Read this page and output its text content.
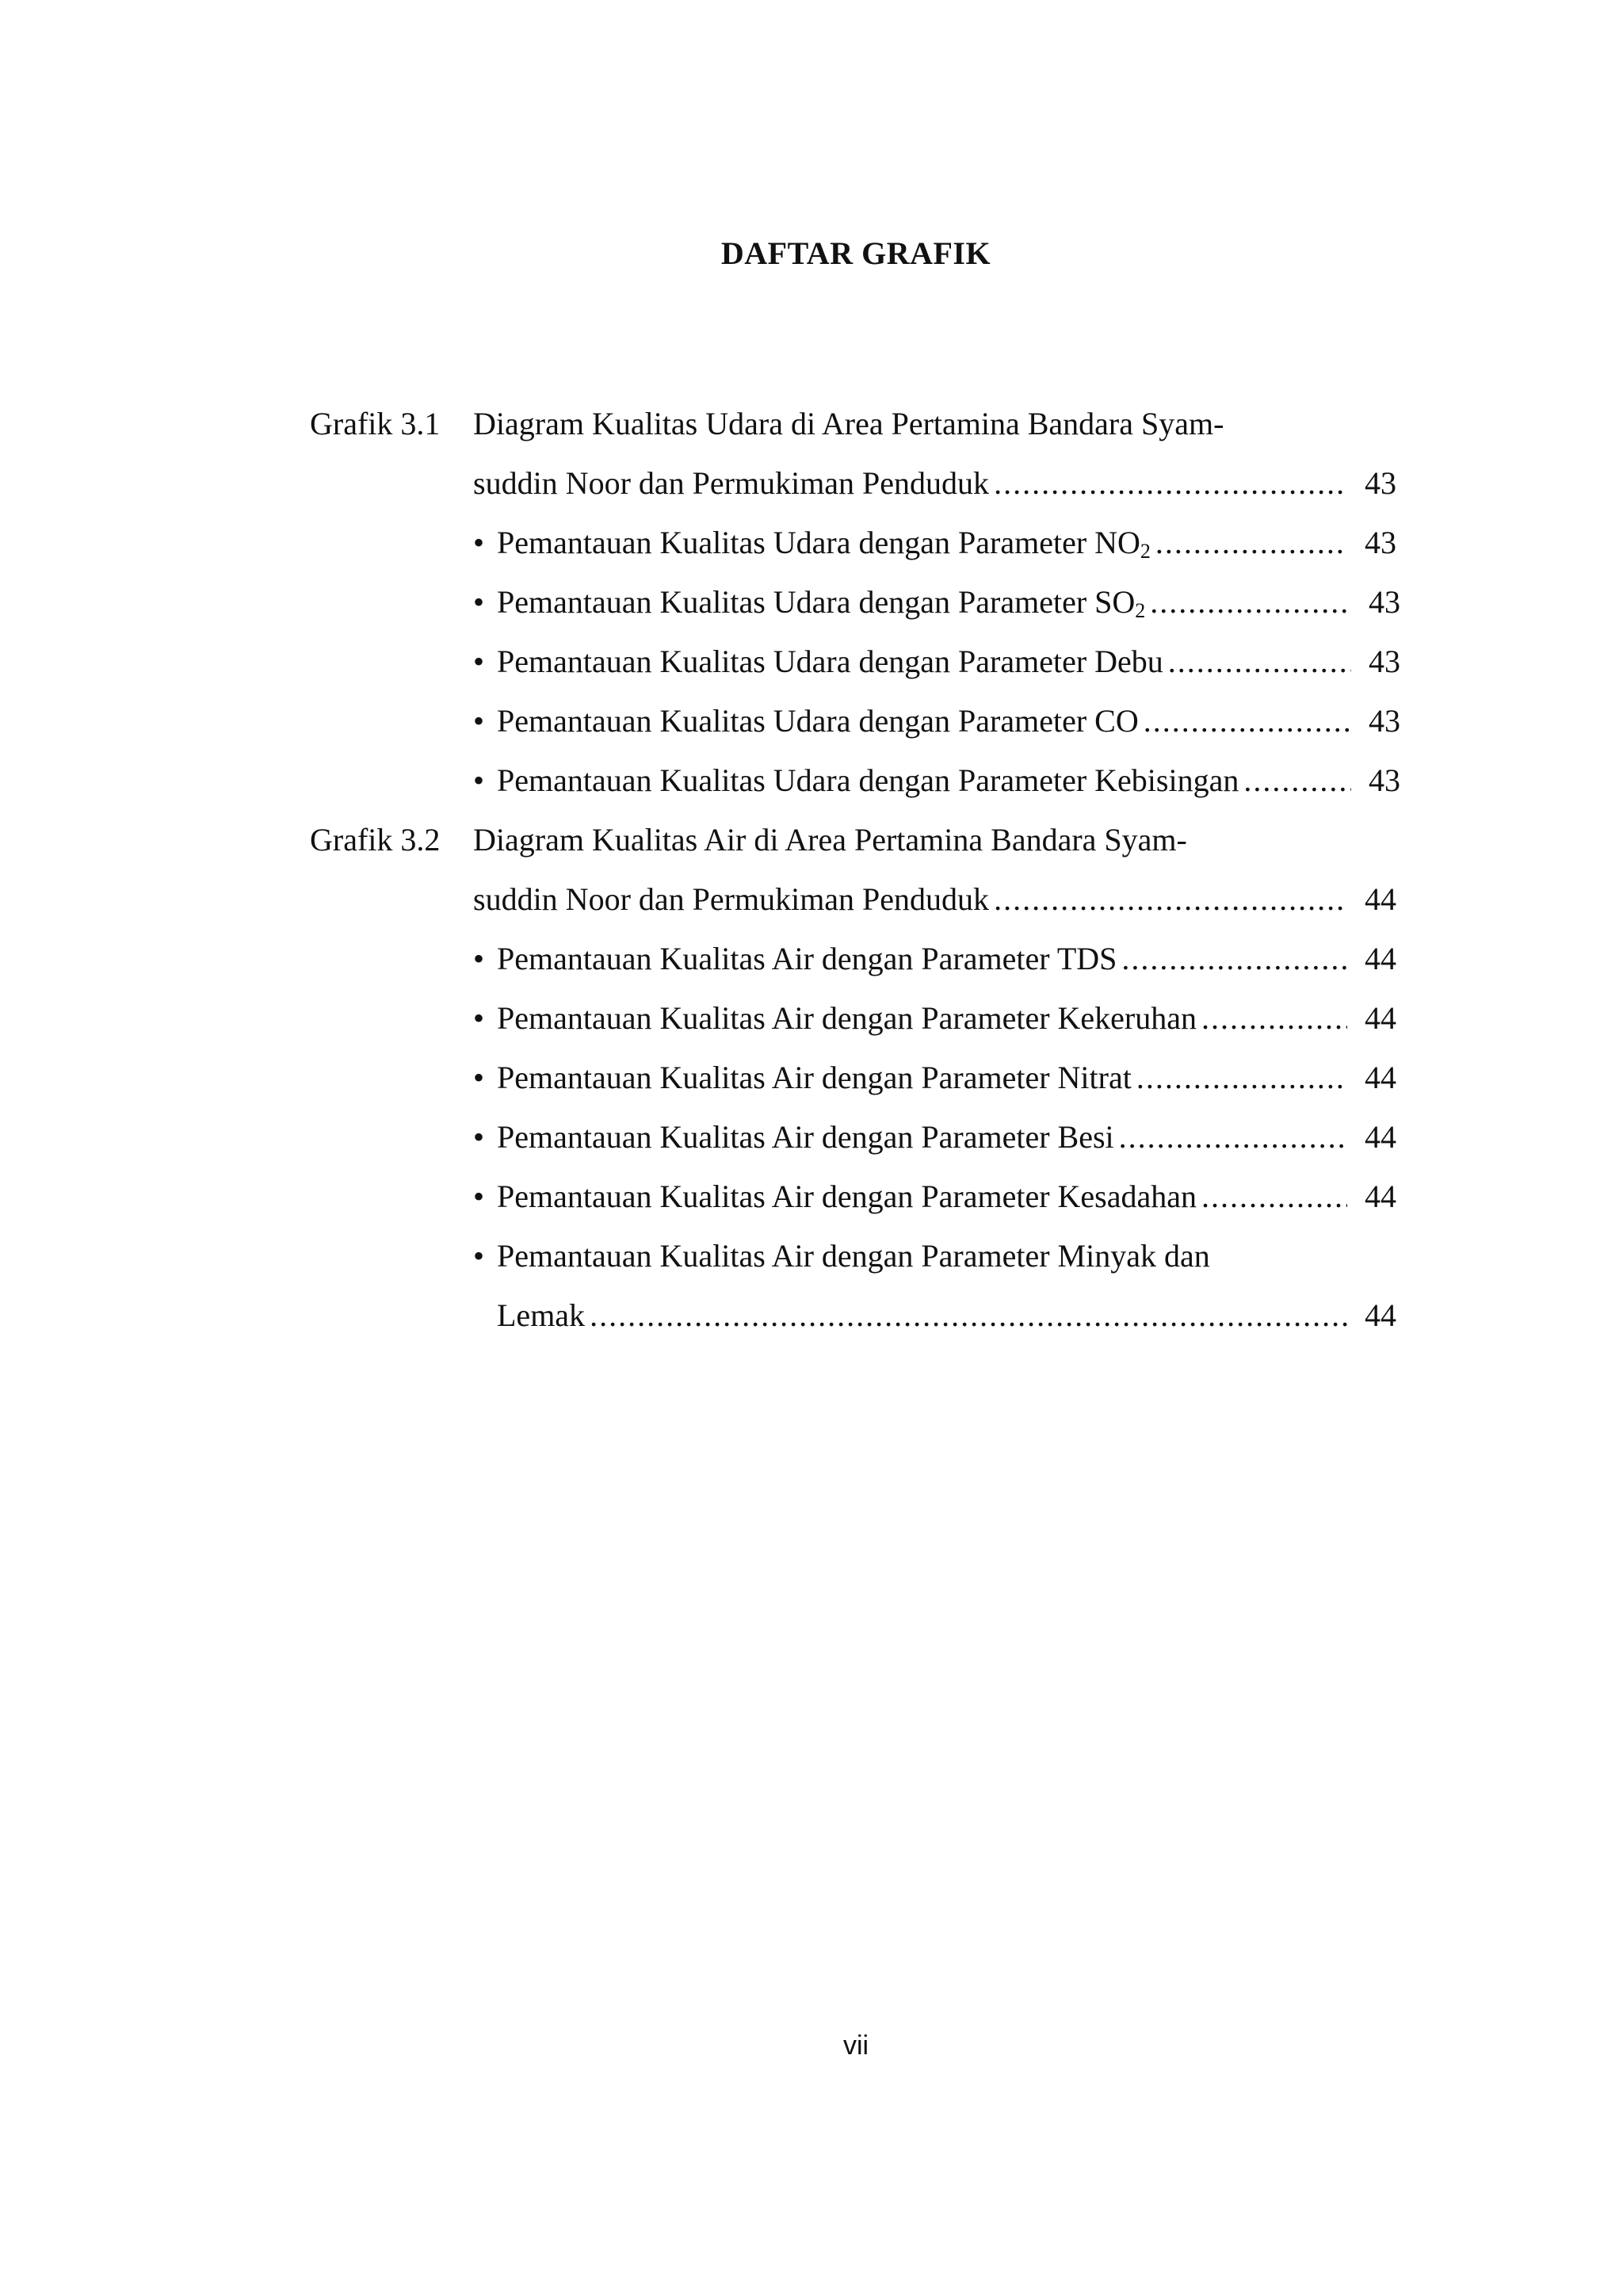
DAFTAR GRAFIK
Grafik 3.1 Diagram Kualitas Udara di Area Pertamina Bandara Syam-
suddin Noor dan Permukiman Penduduk .....	43
• Pemantauan Kualitas Udara dengan Parameter $NO_2$ .....	43
• Pemantauan Kualitas Udara dengan Parameter $SO_2$ .....	43
• Pemantauan Kualitas Udara dengan Parameter Debu .....	43
• Pemantauan Kualitas Udara dengan Parameter CO .....	43
• Pemantauan Kualitas Udara dengan Parameter Kebisingan .....	43
Grafik 3.2 Diagram Kualitas Air di Area Pertamina Bandara Syam-
suddin Noor dan Permukiman Penduduk .....	44
• Pemantauan Kualitas Air dengan Parameter TDS .....	44
• Pemantauan Kualitas Air dengan Parameter Kekeruhan .....	44
• Pemantauan Kualitas Air dengan Parameter Nitrat .....	44
• Pemantauan Kualitas Air dengan Parameter Besi .....	44
• Pemantauan Kualitas Air dengan Parameter Kesadahan .....	44
• Pemantauan Kualitas Air dengan Parameter Minyak dan
Lemak .....	44
vii
